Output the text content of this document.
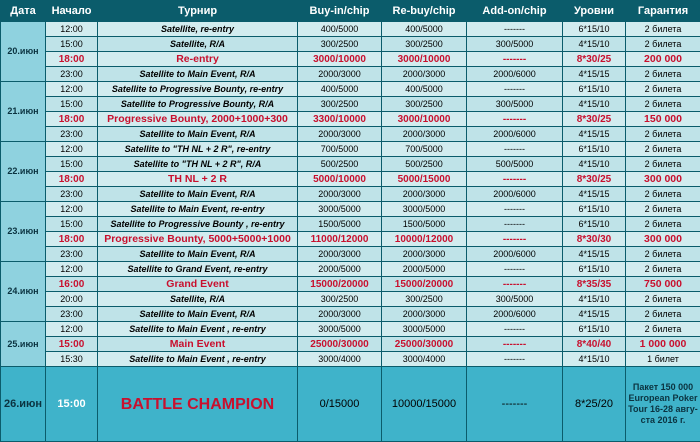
Дата	Начало	Турнир	Buy-in/chip	Re-buy/chip	Add-on/chip	Уровни	Гарантия
20.июн	12:00	Satellite, re-entry	400/5000	400/5000	-------	6*15/10	2 билета
	15:00	Satellite, R/A	300/2500	300/2500	300/5000	4*15/10	2 билета
	18:00	Re-entry	3000/10000	3000/10000	-------	8*30/25	200 000
	23:00	Satellite to Main Event, R/A	2000/3000	2000/3000	2000/6000	4*15/15	2 билета
21.июн	12:00	Satellite to Progressive Bounty, re-entry	400/5000	400/5000	-------	6*15/10	2 билета
	15:00	Satellite to Progressive Bounty, R/A	300/2500	300/2500	300/5000	4*15/10	2 билета
	18:00	Progressive Bounty, 2000+1000+300	3300/10000	3000/10000	-------	8*30/25	150 000
	23:00	Satellite to Main Event, R/A	2000/3000	2000/3000	2000/6000	4*15/15	2 билета
22.июн	12:00	Satellite to "TH NL + 2 R", re-entry	700/5000	700/5000	-------	6*15/10	2 билета
	15:00	Satellite to "TH NL + 2 R", R/A	500/2500	500/2500	500/5000	4*15/10	2 билета
	18:00	TH NL + 2 R	5000/10000	5000/15000	-------	8*30/25	300 000
	23:00	Satellite to Main Event, R/A	2000/3000	2000/3000	2000/6000	4*15/15	2 билета
23.июн	12:00	Satellite to Main Event, re-entry	3000/5000	3000/5000	-------	6*15/10	2 билета
	15:00	Satellite to Progressive Bounty , re-entry	1500/5000	1500/5000	-------	6*15/10	2 билета
	18:00	Progressive Bounty, 5000+5000+1000	11000/12000	10000/12000	-------	8*30/30	300 000
	23:00	Satellite to Main Event, R/A	2000/3000	2000/3000	2000/6000	4*15/15	2 билета
24.июн	12:00	Satellite to Grand Event, re-entry	2000/5000	2000/5000	-------	6*15/10	2 билета
	16:00	Grand Event	15000/20000	15000/20000	-------	8*35/35	750 000
	20:00	Satellite, R/A	300/2500	300/2500	300/5000	4*15/10	2 билета
	23:00	Satellite to Main Event, R/A	2000/3000	2000/3000	2000/6000	4*15/15	2 билета
25.июн	12:00	Satellite to Main Event , re-entry	3000/5000	3000/5000	-------	6*15/10	2 билета
	15:00	Main Event	25000/30000	25000/30000	-------	8*40/40	1 000 000
	15:30	Satellite to Main Event , re-entry	3000/4000	3000/4000	-------	4*15/10	1 билет
26.июн	15:00	BATTLE CHAMPION	0/15000	10000/15000	-------	8*25/20	Пакет 150 000 European Poker Tour 16-28 авгу-ста 2016 г.
